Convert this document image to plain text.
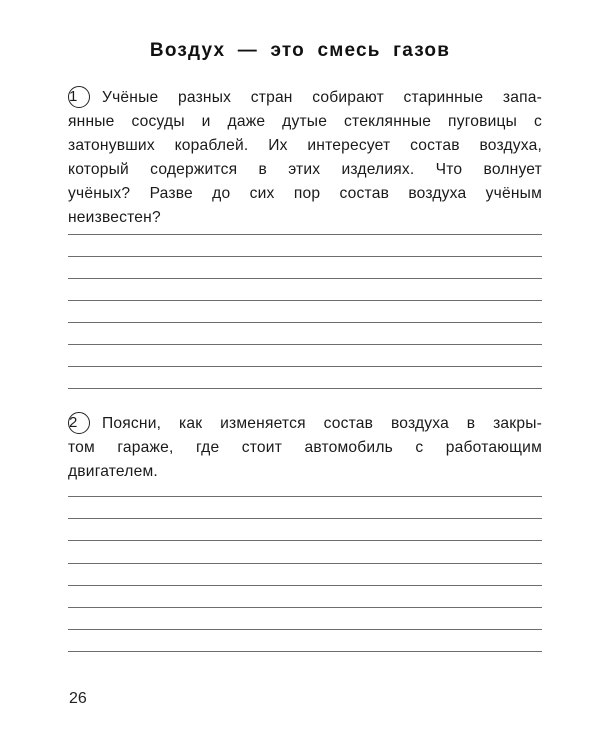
Воздух — это смесь газов
1 Учёные разных стран собирают старинные запа-
янные сосуды и даже дутые стеклянные пуговицы с
затонувших кораблей. Их интересует состав воздуха,
который содержится в этих изделиях. Что волнует
учёных? Разве до сих пор состав воздуха учёным
неизвестен?
2 Поясни, как изменяется состав воздуха в закры-
том гараже, где стоит автомобиль с работающим
двигателем.
26
